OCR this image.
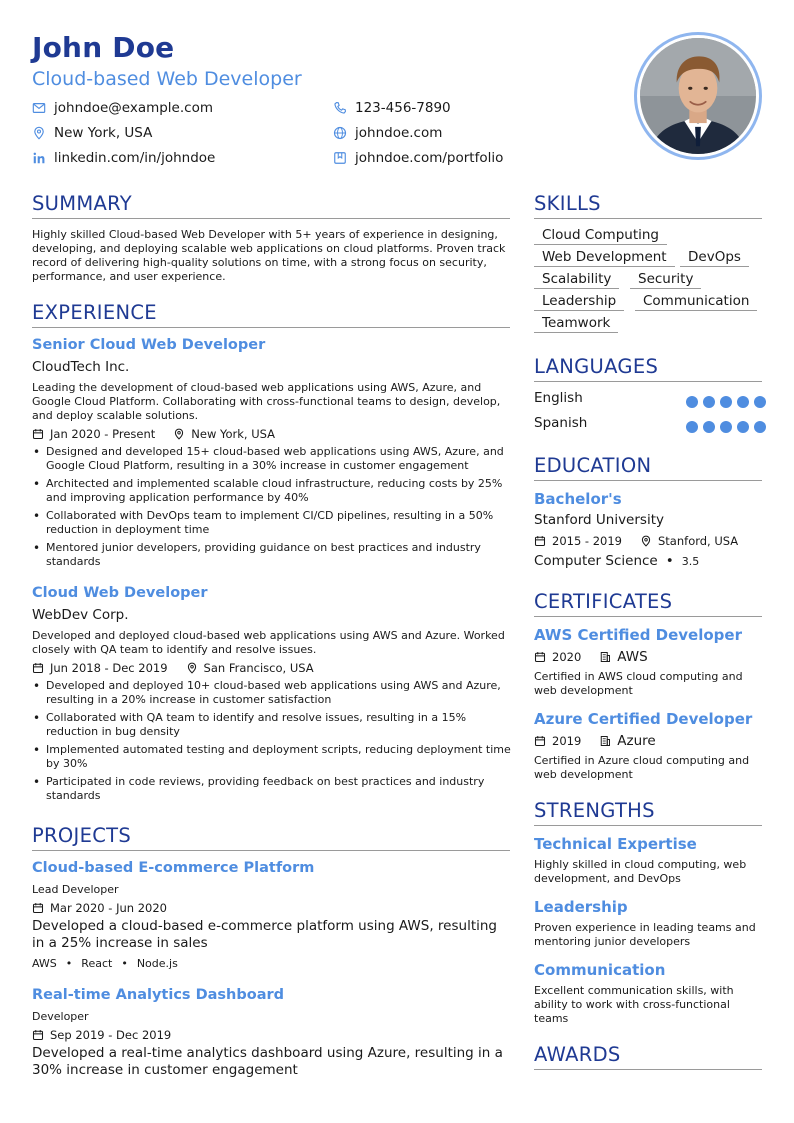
John Doe
Cloud-based Web Developer
johndoe@example.com	123-456-7890
New York, USA	johndoe.com
linkedin.com/in/johndoe	johndoe.com/portfolio
SUMMARY
Highly skilled Cloud-based Web Developer with 5+ years of experience in designing, developing, and deploying scalable web applications on cloud platforms. Proven track record of delivering high-quality solutions on time, with a strong focus on security, performance, and user experience.
EXPERIENCE
Senior Cloud Web Developer
CloudTech Inc.
Leading the development of cloud-based web applications using AWS, Azure, and Google Cloud Platform. Collaborating with cross-functional teams to design, develop, and deploy scalable solutions.
Jan 2020 - Present	New York, USA
• Designed and developed 15+ cloud-based web applications using AWS, Azure, and Google Cloud Platform, resulting in a 30% increase in customer engagement
• Architected and implemented scalable cloud infrastructure, reducing costs by 25% and improving application performance by 40%
• Collaborated with DevOps team to implement CI/CD pipelines, resulting in a 50% reduction in deployment time
• Mentored junior developers, providing guidance on best practices and industry standards
Cloud Web Developer
WebDev Corp.
Developed and deployed cloud-based web applications using AWS and Azure. Worked closely with QA team to identify and resolve issues.
Jun 2018 - Dec 2019	San Francisco, USA
• Developed and deployed 10+ cloud-based web applications using AWS and Azure, resulting in a 20% increase in customer satisfaction
• Collaborated with QA team to identify and resolve issues, resulting in a 15% reduction in bug density
• Implemented automated testing and deployment scripts, reducing deployment time by 30%
• Participated in code reviews, providing feedback on best practices and industry standards
PROJECTS
Cloud-based E-commerce Platform
Lead Developer
Mar 2020 - Jun 2020
Developed a cloud-based e-commerce platform using AWS, resulting in a 25% increase in sales
AWS • React • Node.js
Real-time Analytics Dashboard
Developer
Sep 2019 - Dec 2019
Developed a real-time analytics dashboard using Azure, resulting in a 30% increase in customer engagement
SKILLS
Cloud Computing
Web Development	DevOps
Scalability	Security
Leadership	Communication
Teamwork
LANGUAGES
English
Spanish
EDUCATION
Bachelor's
Stanford University
2015 - 2019	Stanford, USA
Computer Science • 3.5
CERTIFICATES
AWS Certified Developer
2020	AWS
Certified in AWS cloud computing and web development
Azure Certified Developer
2019	Azure
Certified in Azure cloud computing and web development
STRENGTHS
Technical Expertise
Highly skilled in cloud computing, web development, and DevOps
Leadership
Proven experience in leading teams and mentoring junior developers
Communication
Excellent communication skills, with ability to work with cross-functional teams
AWARDS
